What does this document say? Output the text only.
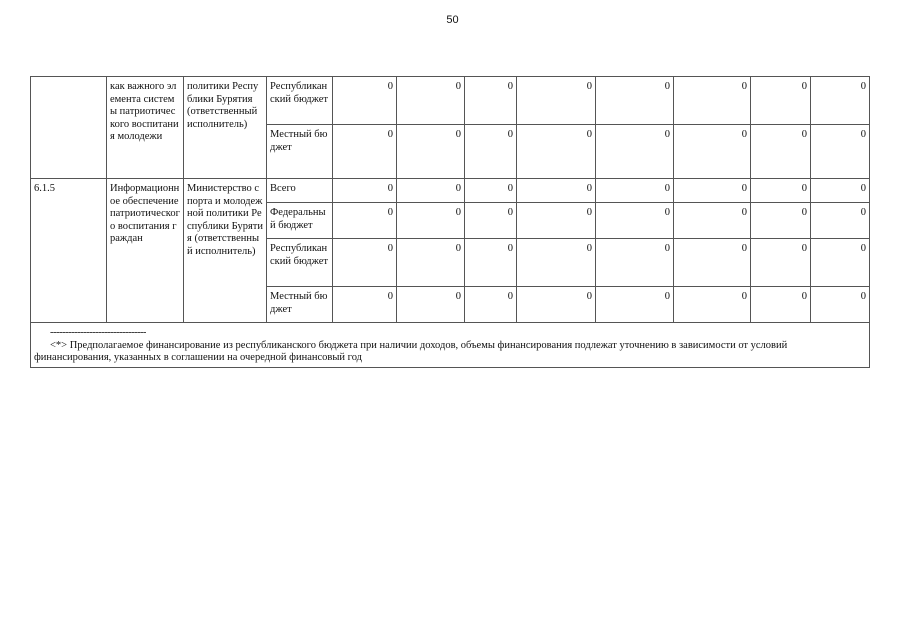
50
	как важного элемента системы патриотического воспитания молодежи	политики Республики Бурятия (ответственный исполнитель)	Республиканский бюджет	0	0	0	0	0	0	0	0
			Местный бюджет	0	0	0	0	0	0	0	0
6.1.5	Информационное обеспечение патриотического воспитания граждан	Министерство спорта и молодежной политики Республики Бурятия (ответственный исполнитель)	Всего	0	0	0	0	0	0	0	0
			Федеральный бюджет	0	0	0	0	0	0	0	0
			Республиканский бюджет	0	0	0	0	0	0	0	0
			Местный бюджет	0	0	0	0	0	0	0	0

--------------------------------
<*> Предполагаемое финансирование из республиканского бюджета при наличии доходов, объемы финансирования подлежат уточнению в зависимости от условий финансирования, указанных в соглашении на очередной финансовый год											
